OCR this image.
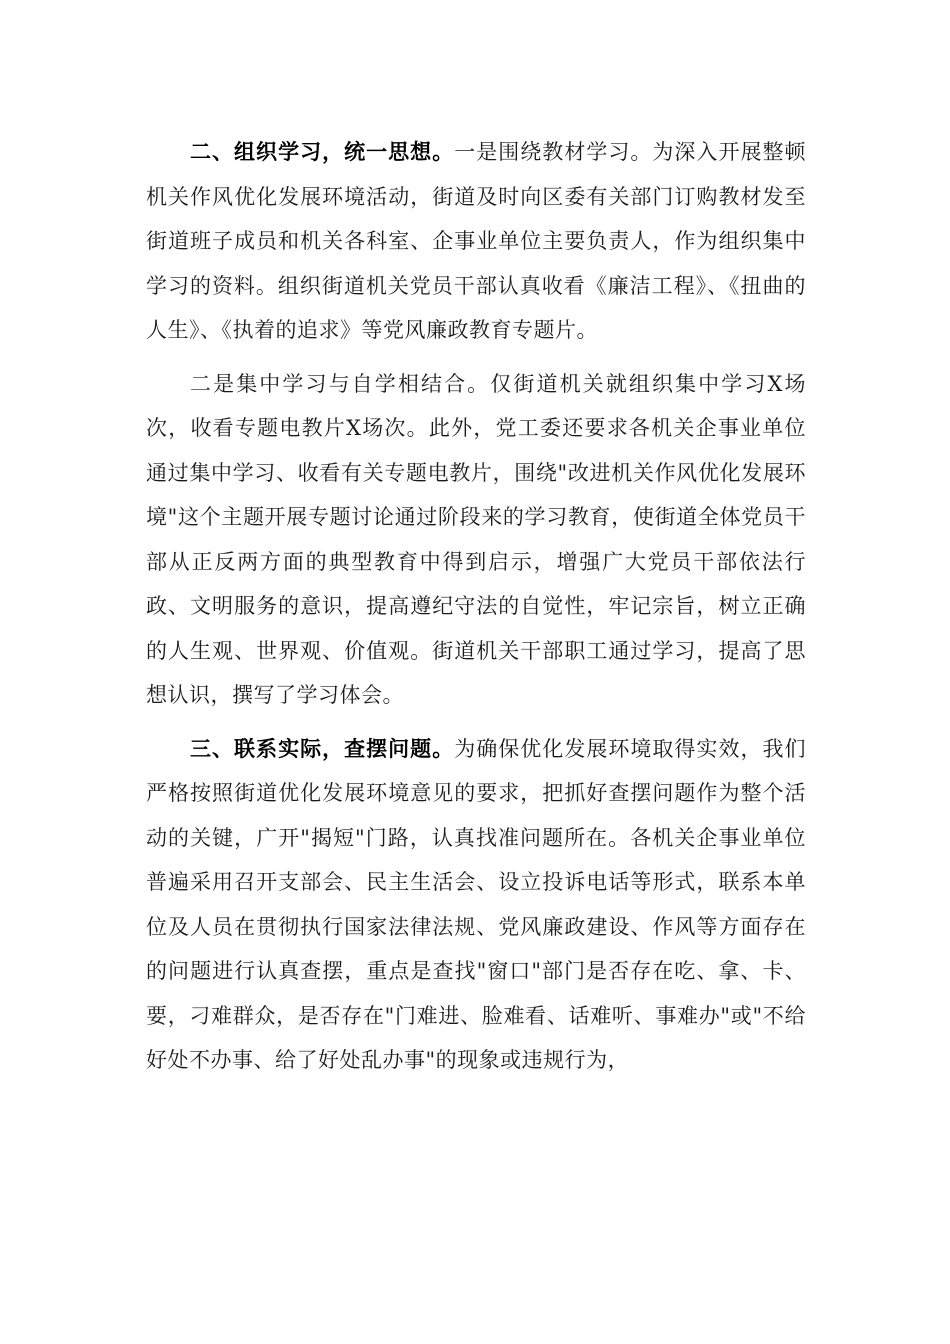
二、组织学习，统一思想。一是围绕教材学习。为深入开展整顿机关作风优化发展环境活动，街道及时向区委有关部门订购教材发至街道班子成员和机关各科室、企事业单位主要负责人，作为组织集中学习的资料。组织街道机关党员干部认真收看《廉洁工程》、《扭曲的人生》、《执着的追求》等党风廉政教育专题片。

二是集中学习与自学相结合。仅街道机关就组织集中学习X场次，收看专题电教片X场次。此外，党工委还要求各机关企事业单位通过集中学习、收看有关专题电教片，围绕"改进机关作风优化发展环境"这个主题开展专题讨论通过阶段来的学习教育，使街道全体党员干部从正反两方面的典型教育中得到启示，增强广大党员干部依法行政、文明服务的意识，提高遵纪守法的自觉性，牢记宗旨，树立正确的人生观、世界观、价值观。街道机关干部职工通过学习，提高了思想认识，撰写了学习体会。

三、联系实际，查摆问题。为确保优化发展环境取得实效，我们严格按照街道优化发展环境意见的要求，把抓好查摆问题作为整个活动的关键，广开"揭短"门路，认真找准问题所在。各机关企事业单位普遍采用召开支部会、民主生活会、设立投诉电话等形式，联系本单位及人员在贯彻执行国家法律法规、党风廉政建设、作风等方面存在的问题进行认真查摆，重点是查找"窗口"部门是否存在吃、拿、卡、要，刁难群众，是否存在"门难进、脸难看、话难听、事难办"或"不给好处不办事、给了好处乱办事"的现象或违规行为，
